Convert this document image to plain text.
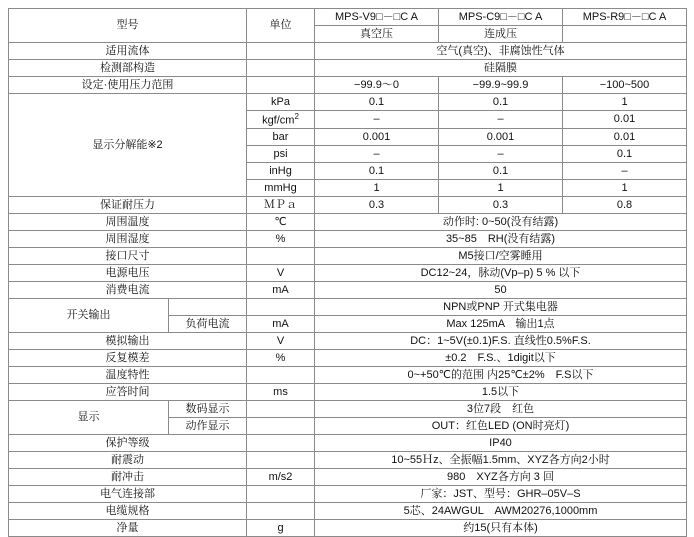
型号		单位	MPS-V9□－□C A	MPS-C9□－□C A	MPS-R9□－□C A
			真空压	连成压	
适用流体			空气(真空)、非腐蚀性气体		
检测部构造			硅隔膜		
设定·使用压力范围			−99.9～0	−99.9~99.9	−100~500
显示分解能※2		kPa	0.1	0.1	1
		kgf/$cm^2$	–	–	0.01
		bar	0.001	0.001	0.01
		psi	–	–	0.1
		inHg	0.1	0.1	–
		mmHg	1	1	1
保证耐压力		ＭＰａ	0.3	0.3	0.8
周围温度		℃	动作时: 0~50(没有结露)		
周围湿度		%	35~85　RH(没有结露)		
接口尺寸			M5接口/空雾睡用		
电源电压		V	DC12~24，脉动(Vp–p) 5 % 以下		
消费电流		mA	50		
开关输出			NPN或PNP 开式集电器		
	负荷电流	mA	Max 125mA　输出1点		
模拟输出		V	DC：1~5V(±0.1)F.S. 直线性0.5%F.S.		
反复模差		%	±0.2　F.S.、1digit以下		
温度特性			0~+50℃的范围 内25℃±2%　F.S以下		
应答时间		ms	1.5以下		
显示	数码显示		3位7段　红色		
	动作显示		OUT：红色LED (ON时亮灯)		
保护等级			IP40		
耐震动			10~55Ｈz、全振幅1.5mm、XYZ各方向2小时		
耐冲击		m/s2	980　XYZ各方向 3 回		
电气连接部			厂家：JST、型号：GHR–05V–S		
电缆规格			5芯、24AWGUL　AWM20276,1000mm		
净量		g	约15(只有本体)		
